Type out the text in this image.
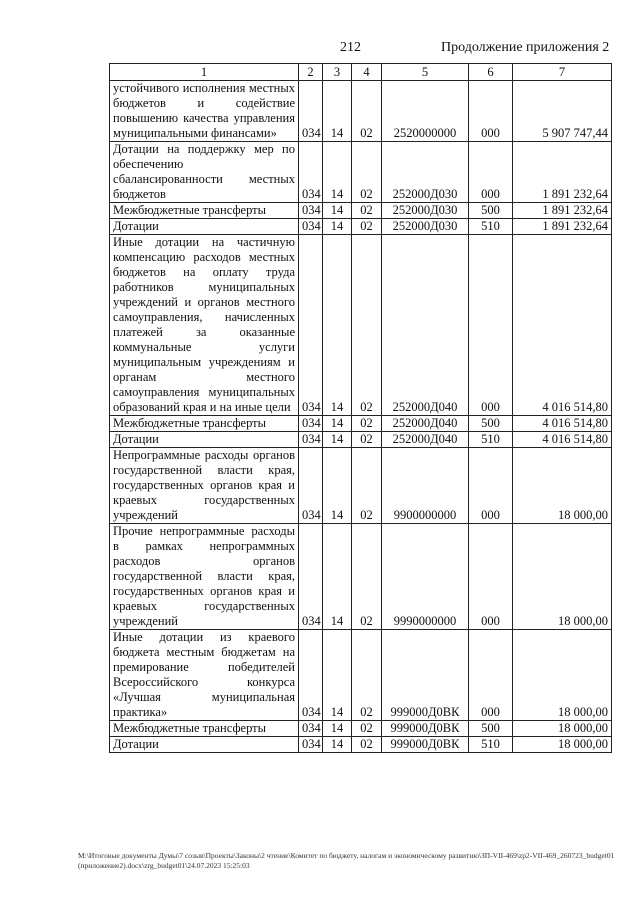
212	Продолжение приложения 2
1	2	3	4	5	6	7
устойчивого исполнения местных бюджетов и содействие повышению качества управления муниципальными финансами»	034	14	02	2520000000	000	5 907 747,44
Дотации на поддержку мер по обеспечению сбалансированности местных бюджетов	034	14	02	252000Д030	000	1 891 232,64
Межбюджетные трансферты	034	14	02	252000Д030	500	1 891 232,64
Дотации	034	14	02	252000Д030	510	1 891 232,64
Иные дотации на частичную компенсацию расходов местных бюджетов на оплату труда работников муниципальных учреждений и органов местного самоуправления, начисленных платежей за оказанные коммунальные услуги муниципальным учреждениям и органам местного самоуправления муниципальных образований края и на иные цели	034	14	02	252000Д040	000	4 016 514,80
Межбюджетные трансферты	034	14	02	252000Д040	500	4 016 514,80
Дотации	034	14	02	252000Д040	510	4 016 514,80
Непрограммные расходы органов государственной власти края, государственных органов края и краевых государственных учреждений	034	14	02	9900000000	000	18 000,00
Прочие непрограммные расходы в рамках непрограммных расходов органов государственной власти края, государственных органов края и краевых государственных учреждений	034	14	02	9990000000	000	18 000,00
Иные дотации из краевого бюджета местным бюджетам на премирование победителей Всероссийского конкурса «Лучшая муниципальная практика»	034	14	02	999000Д0ВК	000	18 000,00
Межбюджетные трансферты	034	14	02	999000Д0ВК	500	18 000,00
Дотации	034	14	02	999000Д0ВК	510	18 000,00
M:\Итоговые документы Думы\7 созыв\Проекты\Законы\2 чтение\Комитет по бюджету, налогам и экономическому развитию\ЗП-VII-469\zp2-VII-469_260723_budget01(приложение2).docx\zrg_budget01\24.07.2023 15:25:03
